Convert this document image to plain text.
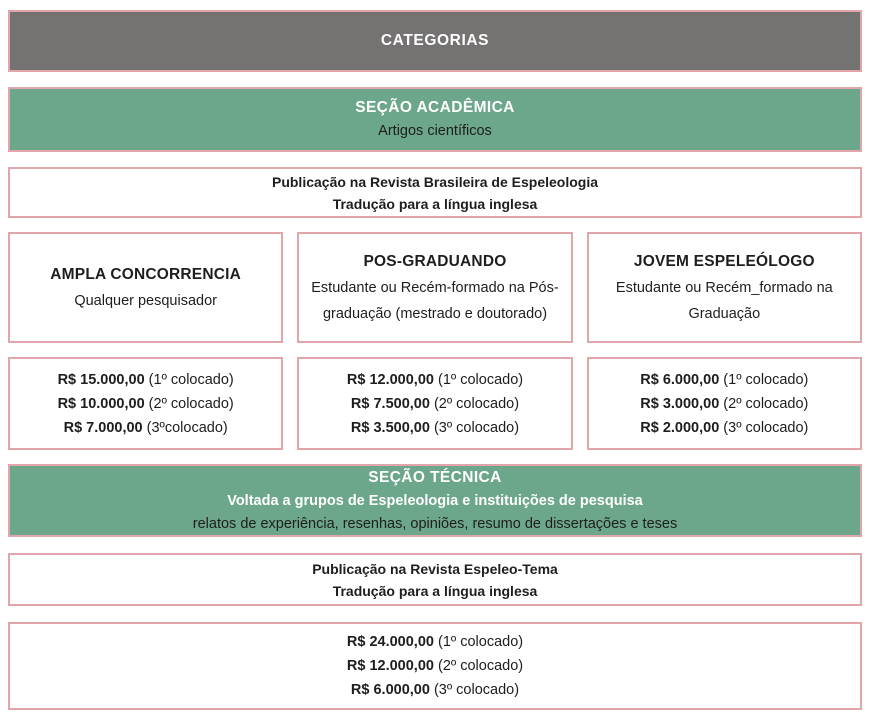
CATEGORIAS
SEÇÃO ACADÊMICA
Artigos científicos
Publicação na Revista Brasileira de Espeleologia
Tradução para a língua inglesa
AMPLA CONCORRENCIA
Qualquer pesquisador
POS-GRADUANDO
Estudante ou Recém-formado na Pós-graduação (mestrado e doutorado)
JOVEM ESPELEÓLOGO
Estudante ou Recém_formado na Graduação
R$ 15.000,00 (1º colocado)
R$ 10.000,00 (2º colocado)
R$ 7.000,00 (3ºcolocado)
R$ 12.000,00 (1º colocado)
R$ 7.500,00 (2º colocado)
R$ 3.500,00 (3º colocado)
R$ 6.000,00 (1º colocado)
R$ 3.000,00 (2º colocado)
R$ 2.000,00 (3º colocado)
SEÇÃO TÉCNICA
Voltada a grupos de Espeleologia e instituições de pesquisa
relatos de experiência, resenhas, opiniões, resumo de dissertações e teses
Publicação na Revista Espeleo-Tema
Tradução para a língua inglesa
R$ 24.000,00 (1º colocado)
R$ 12.000,00 (2º colocado)
R$ 6.000,00 (3º colocado)
